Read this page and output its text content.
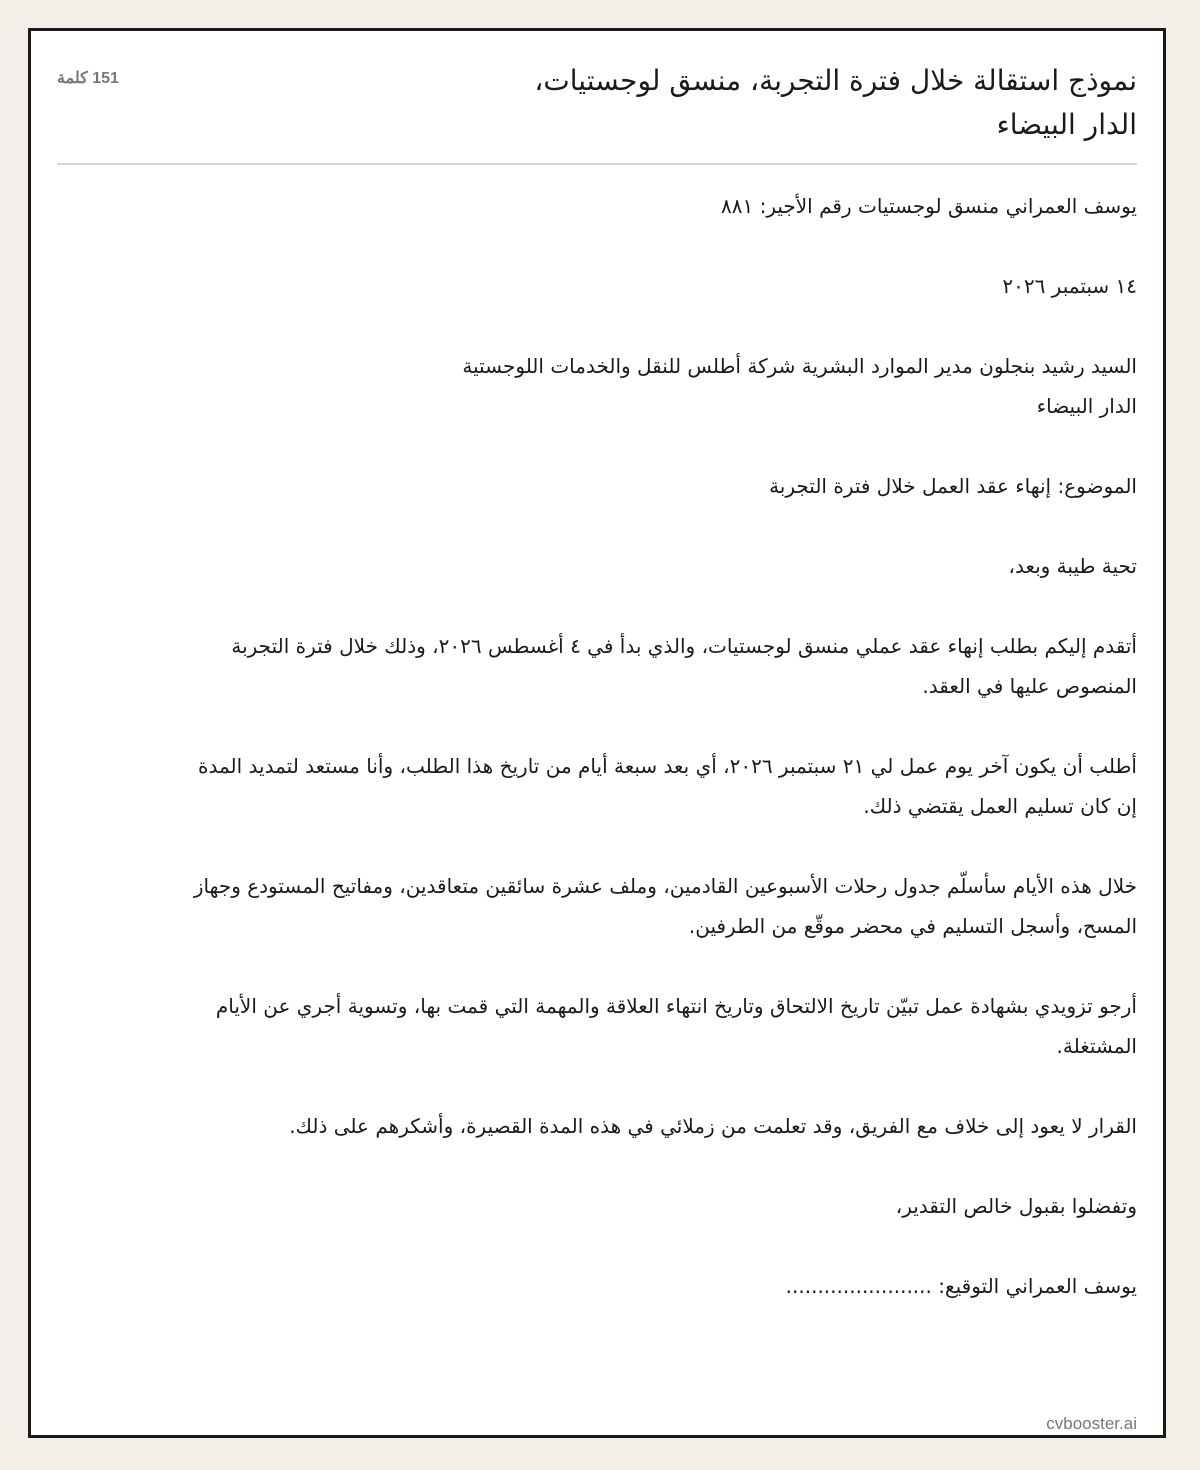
نموذج استقالة خلال فترة التجربة، منسق لوجستيات، الدار البيضاء
151 كلمة

يوسف العمراني منسق لوجستيات رقم الأجير: ٨٨١

١٤ سبتمبر ٢٠٢٦

السيد رشيد بنجلون مدير الموارد البشرية شركة أطلس للنقل والخدمات اللوجستية
الدار البيضاء

الموضوع: إنهاء عقد العمل خلال فترة التجربة

تحية طيبة وبعد،

أتقدم إليكم بطلب إنهاء عقد عملي منسق لوجستيات، والذي بدأ في ٤ أغسطس ٢٠٢٦، وذلك خلال فترة التجربة المنصوص عليها في العقد.

أطلب أن يكون آخر يوم عمل لي ٢١ سبتمبر ٢٠٢٦، أي بعد سبعة أيام من تاريخ هذا الطلب، وأنا مستعد لتمديد المدة إن كان تسليم العمل يقتضي ذلك.

خلال هذه الأيام سأسلّم جدول رحلات الأسبوعين القادمين، وملف عشرة سائقين متعاقدين، ومفاتيح المستودع وجهاز المسح، وأسجل التسليم في محضر موقّع من الطرفين.

أرجو تزويدي بشهادة عمل تبيّن تاريخ الالتحاق وتاريخ انتهاء العلاقة والمهمة التي قمت بها، وتسوية أجري عن الأيام المشتغلة.

القرار لا يعود إلى خلاف مع الفريق، وقد تعلمت من زملائي في هذه المدة القصيرة، وأشكرهم على ذلك.

وتفضلوا بقبول خالص التقدير،

يوسف العمراني التوقيع: .......................

cvbooster.ai
